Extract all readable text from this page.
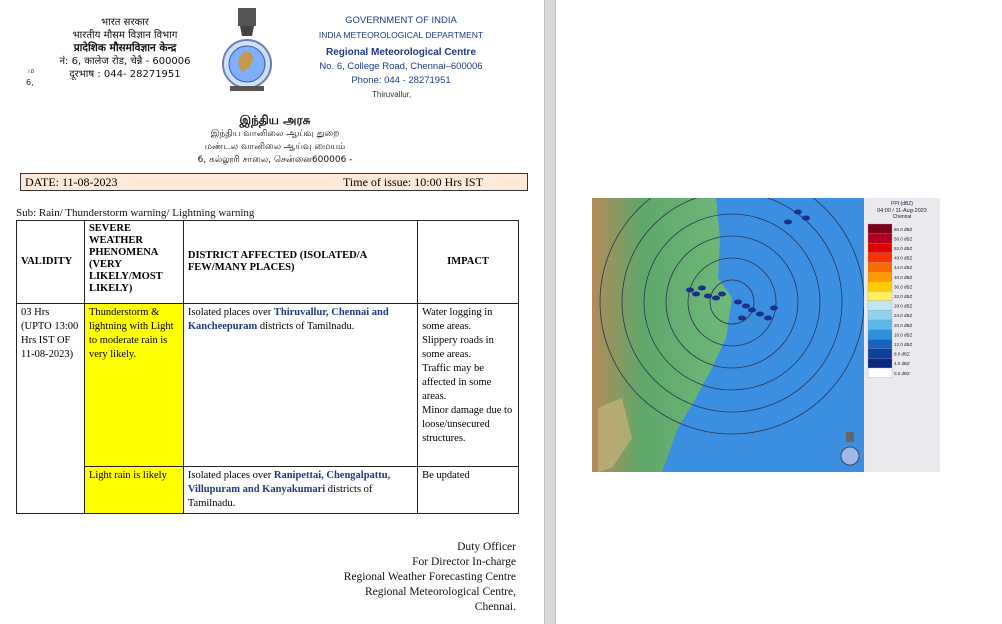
भारत सरकार
भारतीय मौसम विज्ञान विभाग
प्रादेशिक मौसमविज्ञान केन्द्र
नं: 6, कालेज रोड, चेन्नै - 600006
दूरभाष : 044- 28271951
GOVERNMENT OF INDIA
INDIA METEOROLOGICAL DEPARTMENT
Regional Meteorological Centre
No. 6, College Road, Chennai–600006
Phone: 044 - 28271951
ம
6,
Thiruvallur,
இந்திய அரசு
இந்திய வானிலை ஆய்வு துறை
மண்டல வானிலை ஆய்வு மையம்
6, கல்லூரி சாலை, சென்னை600006 -
DATE: 11-08-2023	Time of issue: 10:00 Hrs IST
Sub: Rain/ Thunderstorm warning/ Lightning warning
VALIDITY	SEVERE WEATHER PHENOMENA (VERY LIKELY/MOST LIKELY)	DISTRICT AFFECTED (ISOLATED/A FEW/MANY PLACES)	IMPACT
03 Hrs (UPTO 13:00 Hrs IST OF 11-08-2023)	Thunderstorm & lightning with Light to moderate rain is very likely.	Isolated places over Thiruvallur, Chennai and Kancheepuram districts of Tamilnadu.	Water logging in some areas.
Slippery roads in some areas.
Traffic may be affected in some areas.
Minor damage due to loose/unsecured structures.

	Light rain is likely	Isolated places over Ranipettai, Chengalpattu, Villupuram and Kanyakumari districts of Tamilnadu.	Be updated
Duty Officer
For Director In-charge
Regional Weather Forecasting Centre
Regional Meteorological Centre,
Chennai.
PPI (dBZ)
04:00 / 11-Aug-2023
Chennai
60.0 dBZ
56.0 dBZ
52.0 dBZ
48.0 dBZ
44.0 dBZ
40.0 dBZ
36.0 dBZ
32.0 dBZ
28.0 dBZ
24.0 dBZ
20.0 dBZ
16.0 dBZ
12.0 dBZ
8.0 dBZ
4.0 dBZ
0.0 dBZ
